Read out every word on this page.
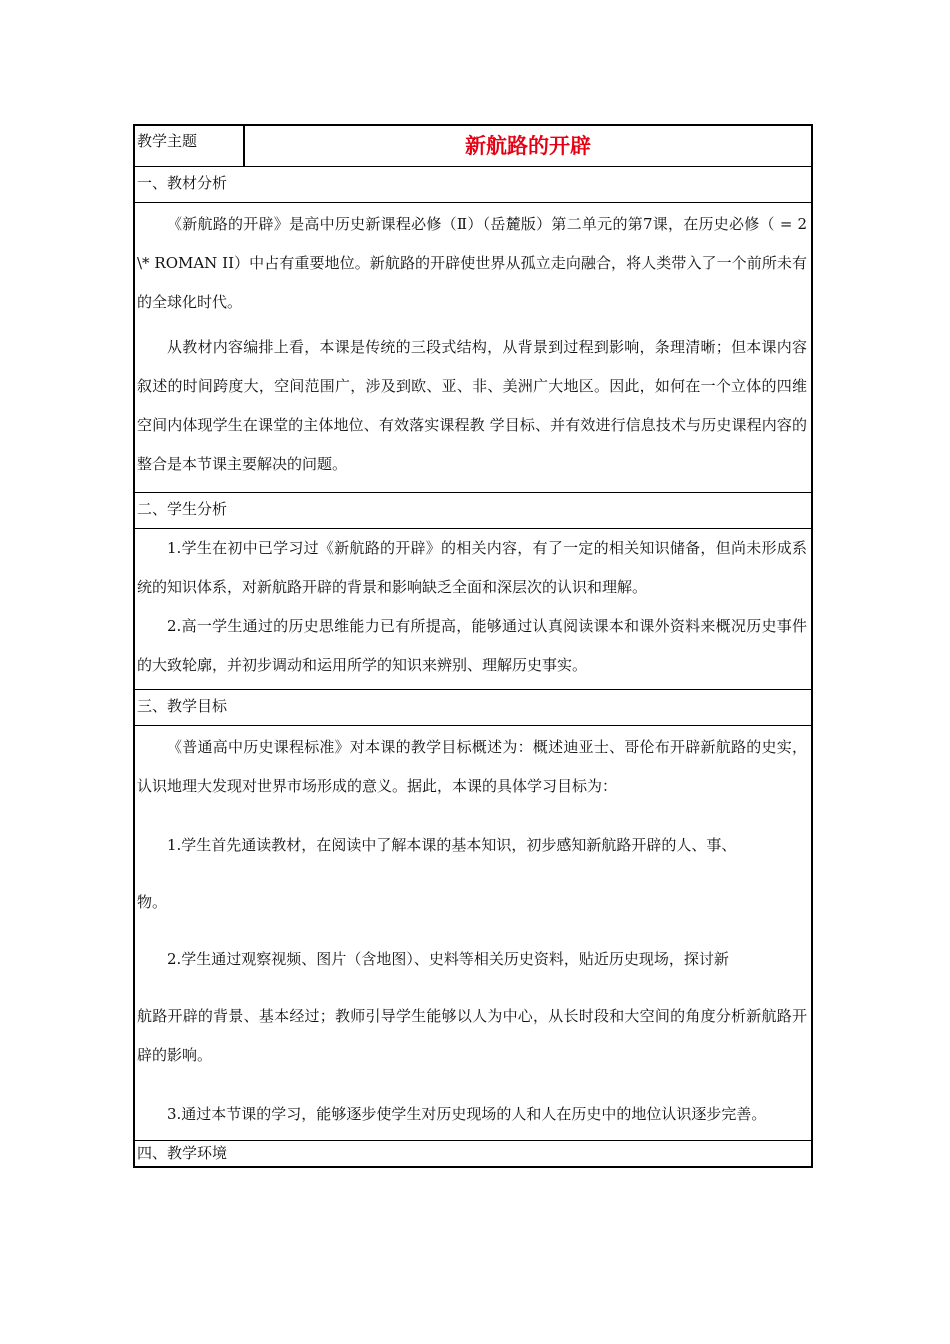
教学主题	新航路的开辟
一、教材分析

《新航路的开辟》是高中历史新课程必修（Ⅱ）（岳麓版）第二单元的第7课，在历史必修（ = 2 \* ROMAN II）中占有重要地位。新航路的开辟使世界从孤立走向融合，将人类带入了一个前所未有的全球化时代。

从教材内容编排上看，本课是传统的三段式结构，从背景到过程到影响，条理清晰；但本课内容叙述的时间跨度大，空间范围广，涉及到欧、亚、非、美洲广大地区。因此，如何在一个立体的四维空间内体现学生在课堂的主体地位、有效落实课程教 学目标、并有效进行信息技术与历史课程内容的整合是本节课主要解决的问题。

二、学生分析

1.学生在初中已学习过《新航路的开辟》的相关内容，有了一定的相关知识储备，但尚未形成系统的知识体系，对新航路开辟的背景和影响缺乏全面和深层次的认识和理解。

2.高一学生通过的历史思维能力已有所提高，能够通过认真阅读课本和课外资料来概况历史事件的大致轮廓，并初步调动和运用所学的知识来辨别、理解历史事实。

三、教学目标

《普通高中历史课程标准》对本课的教学目标概述为：概述迪亚士、哥伦布开辟新航路的史实，认识地理大发现对世界市场形成的意义。据此，本课的具体学习目标为：

1.学生首先通读教材，在阅读中了解本课的基本知识，初步感知新航路开辟的人、事、

物。

2.学生通过观察视频、图片（含地图）、史料等相关历史资料，贴近历史现场，探讨新

航路开辟的背景、基本经过；教师引导学生能够以人为中心，从长时段和大空间的角度分析新航路开辟的影响。

3.通过本节课的学习，能够逐步使学生对历史现场的人和人在历史中的地位认识逐步完善。

四、教学环境
